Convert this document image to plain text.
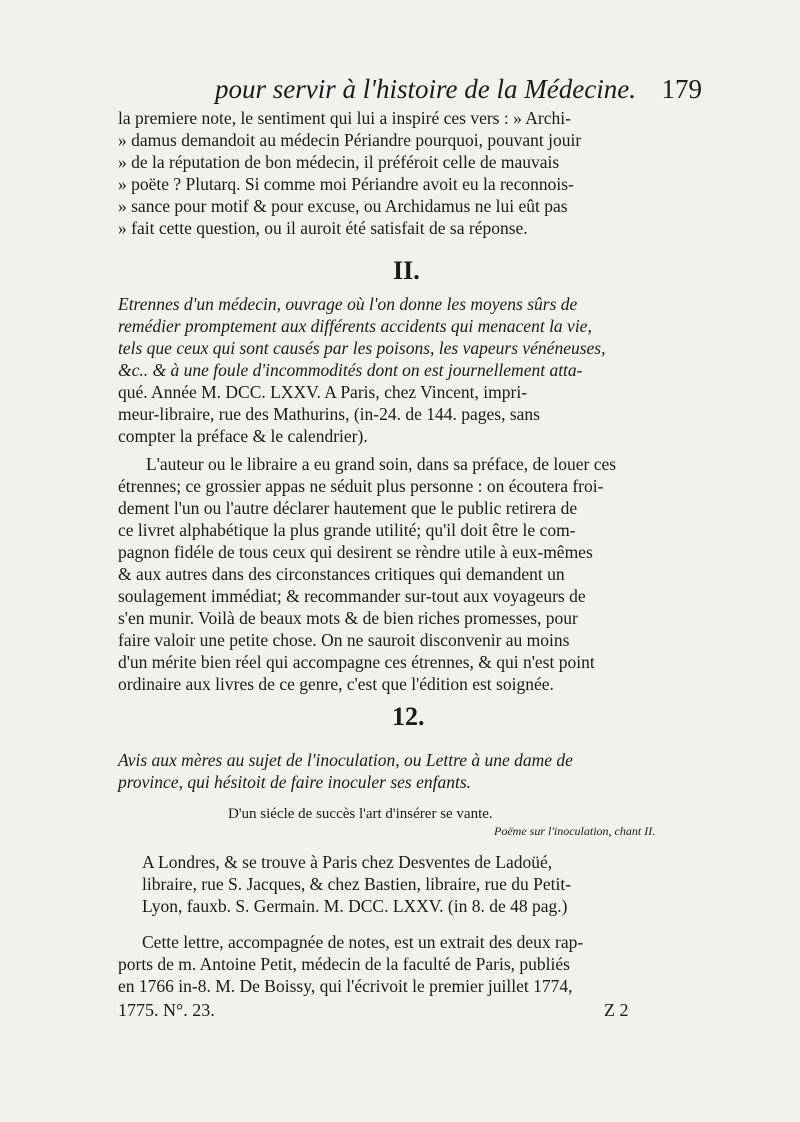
pour servir à l'histoire de la Médecine. 179
la premiere note, le sentiment qui lui a inspiré ces vers : » Archi-
» damus demandoit au médecin Périandre pourquoi, pouvant jouir
» de la réputation de bon médecin, il préféroit celle de mauvais
» poëte ? Plutarq. Si comme moi Périandre avoit eu la reconnois-
» sance pour motif & pour excuse, ou Archidamus ne lui eût pas
» fait cette question, ou il auroit été satisfait de sa réponse.
II.
Etrennes d'un médecin, ouvrage où l'on donne les moyens sûrs de
remédier promptement aux différents accidents qui menacent la vie,
tels que ceux qui sont causés par les poisons, les vapeurs vénéneuses,
&c.. & à une foule d'incommodités dont on est journellement atta-
qué. Année M. DCC. LXXV. A Paris, chez Vincent, impri-
meur-libraire, rue des Mathurins, (in-24. de 144. pages, sans
compter la préface & le calendrier).
L'auteur ou le libraire a eu grand soin, dans sa préface, de louer ces
étrennes; ce grossier appas ne séduit plus personne : on écoutera froi-
dement l'un ou l'autre déclarer hautement que le public retirera de
ce livret alphabétique la plus grande utilité; qu'il doit être le com-
pagnon fidéle de tous ceux qui desirent se rèndre utile à eux-mêmes
& aux autres dans des circonstances critiques qui demandent un
soulagement immédiat; & recommander sur-tout aux voyageurs de
s'en munir. Voilà de beaux mots & de bien riches promesses, pour
faire valoir une petite chose. On ne sauroit disconvenir au moins
d'un mérite bien réel qui accompagne ces étrennes, & qui n'est point
ordinaire aux livres de ce genre, c'est que l'édition est soignée.
12.
Avis aux mères au sujet de l'inoculation, ou Lettre à une dame de
province, qui hésitoit de faire inoculer ses enfants.
D'un siécle de succès l'art d'insérer se vante.
Poëme sur l'inoculation, chant II.
A Londres, & se trouve à Paris chez Desventes de Ladoüé,
libraire, rue S. Jacques, & chez Bastien, libraire, rue du Petit-
Lyon, fauxb. S. Germain. M. DCC. LXXV. (in 8. de 48 pag.)
Cette lettre, accompagnée de notes, est un extrait des deux rap-
ports de m. Antoine Petit, médecin de la faculté de Paris, publiés
en 1766 in-8. M. De Boissy, qui l'écrivoit le premier juillet 1774,
1775. N°. 23.	Z 2
